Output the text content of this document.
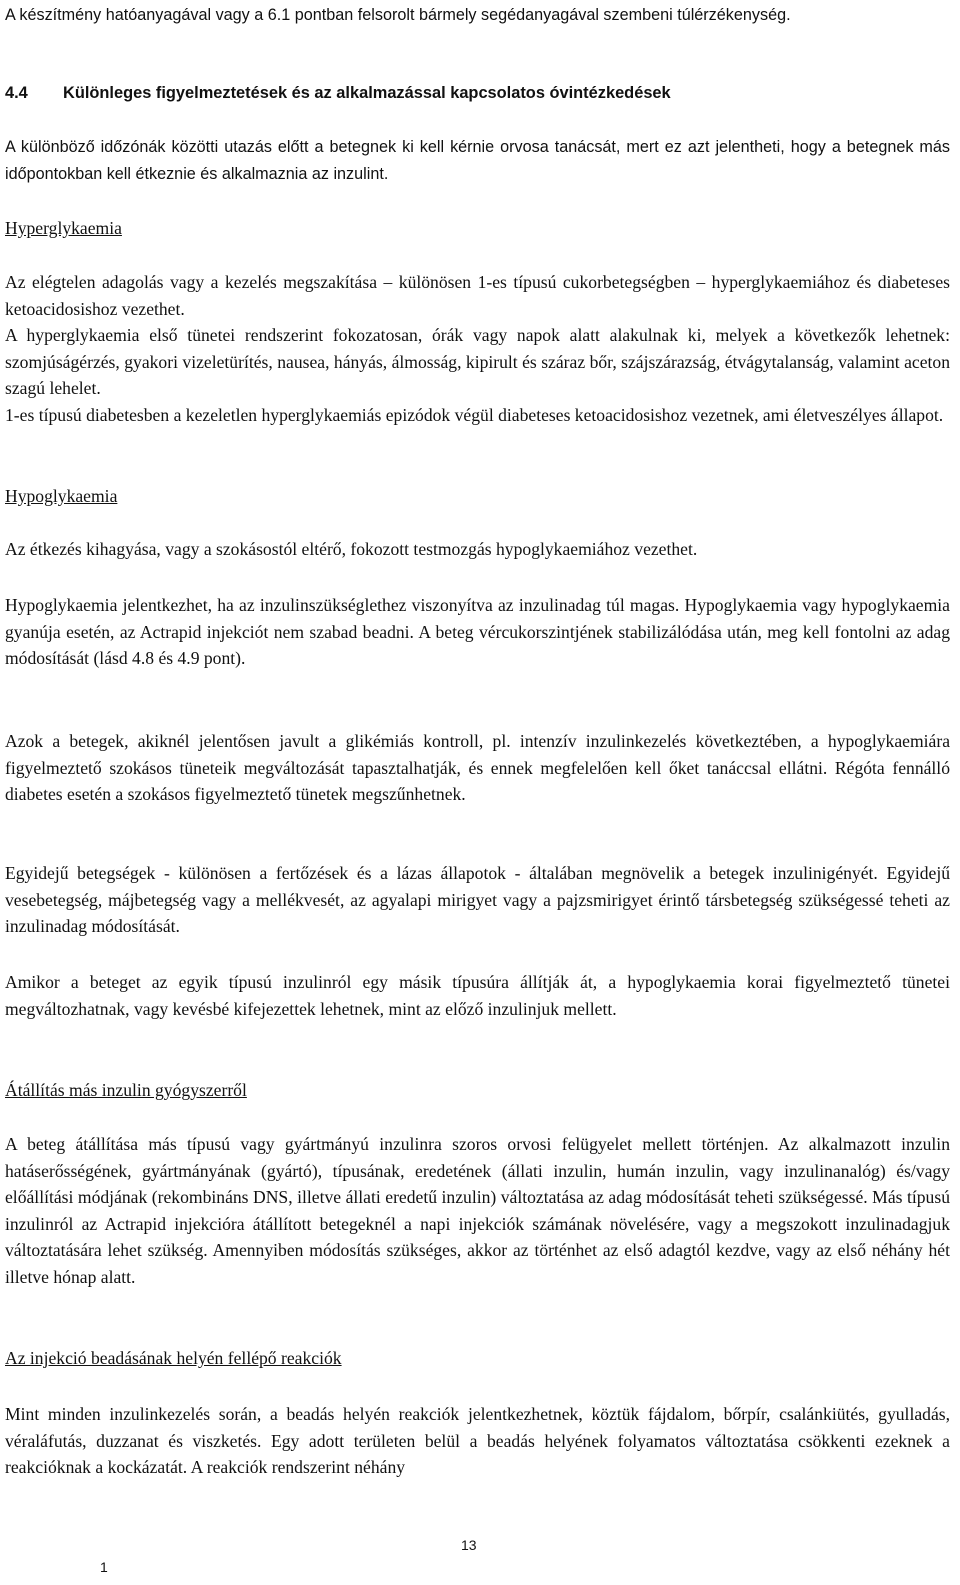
A készítmény hatóanyagával vagy a 6.1 pontban felsorolt bármely segédanyagával szembeni túlérzékenység.

4.4 Különleges figyelmeztetések és az alkalmazással kapcsolatos óvintézkedések

A különböző időzónák közötti utazás előtt a betegnek ki kell kérnie orvosa tanácsát, mert ez azt jelentheti, hogy a betegnek más időpontokban kell étkeznie és alkalmaznia az inzulint.

Hyperglykaemia

Az elégtelen adagolás vagy a kezelés megszakítása – különösen 1-es típusú cukorbetegségben – hyperglykaemiához és diabeteses ketoacidosishoz vezethet.

A hyperglykaemia első tünetei rendszerint fokozatosan, órák vagy napok alatt alakulnak ki, melyek a következők lehetnek: szomjúságérzés, gyakori vizeletürítés, nausea, hányás, álmosság, kipirult és száraz bőr, szájszárazság, étvágytalanság, valamint aceton szagú lehelet.

1-es típusú diabetesben a kezeletlen hyperglykaemiás epizódok végül diabeteses ketoacidosishoz vezetnek, ami életveszélyes állapot.

Hypoglykaemia

Az étkezés kihagyása, vagy a szokásostól eltérő, fokozott testmozgás hypoglykaemiához vezethet.

Hypoglykaemia jelentkezhet, ha az inzulinszükséglethez viszonyítva az inzulinadag túl magas. Hypoglykaemia vagy hypoglykaemia gyanúja esetén, az Actrapid injekciót nem szabad beadni. A beteg vércukorszintjének stabilizálódása után, meg kell fontolni az adag módosítását (lásd 4.8 és 4.9 pont).

Azok a betegek, akiknél jelentősen javult a glikémiás kontroll, pl. intenzív inzulinkezelés következtében, a hypoglykaemiára figyelmeztető szokásos tüneteik megváltozását tapasztalhatják, és ennek megfelelően kell őket tanáccsal ellátni. Régóta fennálló diabetes esetén a szokásos figyelmeztető tünetek megszűnhetnek.

Egyidejű betegségek - különösen a fertőzések és a lázas állapotok - általában megnövelik a betegek inzulinigényét. Egyidejű vesebetegség, májbetegség vagy a mellékvesét, az agyalapi mirigyet vagy a pajzsmirigyet érintő társbetegség szükségessé teheti az inzulinadag módosítását.

Amikor a beteget az egyik típusú inzulinról egy másik típusúra állítják át, a hypoglykaemia korai figyelmeztető tünetei megváltozhatnak, vagy kevésbé kifejezettek lehetnek, mint az előző inzulinjuk mellett.

Átállítás más inzulin gyógyszerről

A beteg átállítása más típusú vagy gyártmányú inzulinra szoros orvosi felügyelet mellett történjen. Az alkalmazott inzulin hatáserősségének, gyártmányának (gyártó), típusának, eredetének (állati inzulin, humán inzulin, vagy inzulinanalóg) és/vagy előállítási módjának (rekombináns DNS, illetve állati eredetű inzulin) változtatása az adag módosítását teheti szükségessé. Más típusú inzulinról az Actrapid injekcióra átállított betegeknél a napi injekciók számának növelésére, vagy a megszokott inzulinadagjuk változtatására lehet szükség. Amennyiben módosítás szükséges, akkor az történhet az első adagtól kezdve, vagy az első néhány hét illetve hónap alatt.

Az injekció beadásának helyén fellépő reakciók

Mint minden inzulinkezelés során, a beadás helyén reakciók jelentkezhetnek, köztük fájdalom, bőrpír, csalánkiütés, gyulladás, véraláfutás, duzzanat és viszketés. Egy adott területen belül a beadás helyének folyamatos változtatása csökkenti ezeknek a reakcióknak a kockázatát. A reakciók rendszerint néhány

13
1
